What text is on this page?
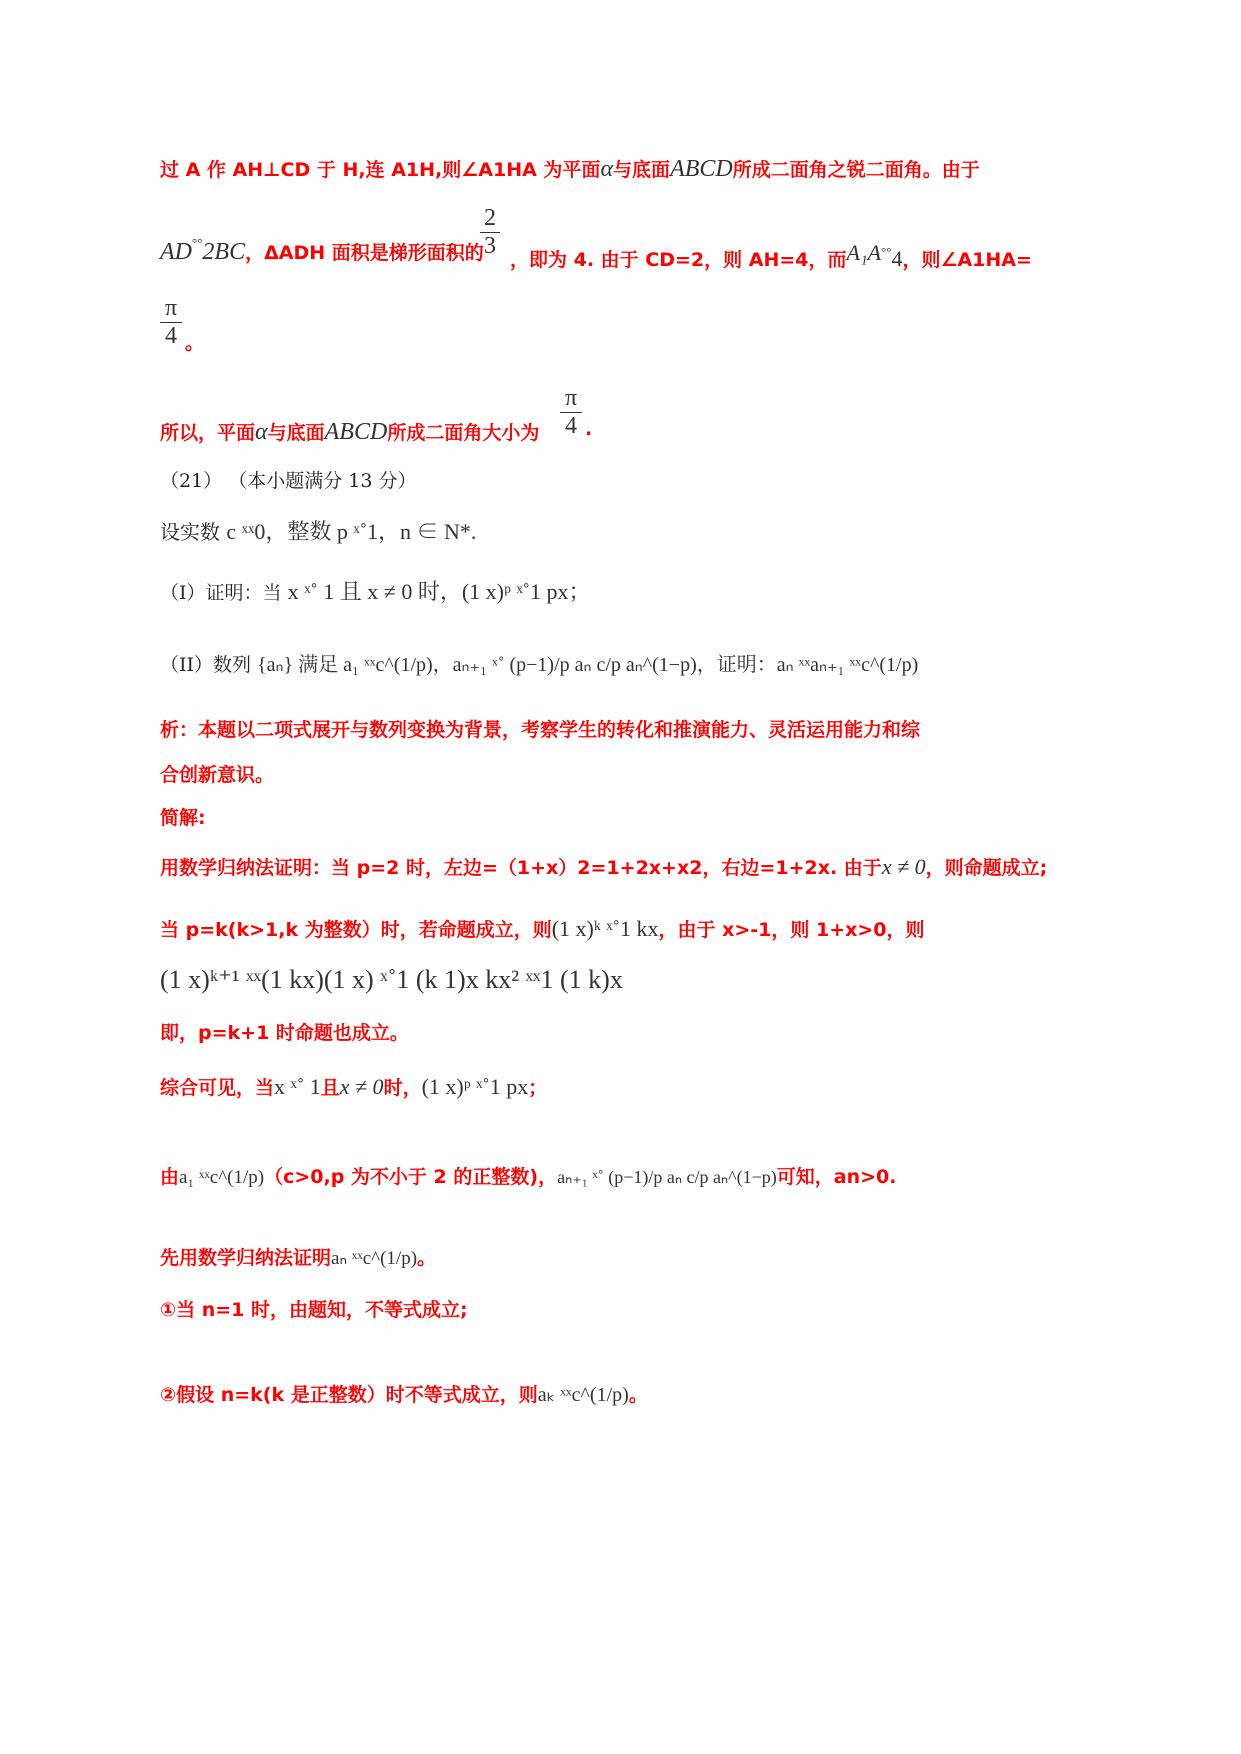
过 A 作 AH⊥CD 于 H,连 A1H,则∠A1HA 为平面α与底面ABCD所成二面角之锐二面角。由于
AD°°2BC，ΔADH 面积是梯形面积的
$\frac{2}{3}$ ，即为 4. 由于 CD=2，则 AH=4，而A₁A°°4，则∠A1HA=
$\frac{\pi}{4}$ 。
所以，平面α与底面ABCD所成二面角大小为 $\frac{\pi}{4}$ .
（21） （本小题满分 13 分）
设实数 c ˣˣ0，整数 p ˣ˚1，n ∈ N*.
（I）证明：当 x ˣ˚ 1 且 x ≠ 0 时，(1 x)ᵖ ˣ˚1 px；
（II）数列 {aₙ} 满足 a₁ ˣˣc^(1/p)，aₙ₊₁ ˣ˚ (p−1)/p aₙ c/p aₙ^(1−p)，证明：aₙ ˣˣaₙ₊₁ ˣˣc^(1/p)
析：本题以二项式展开与数列变换为背景，考察学生的转化和推演能力、灵活运用能力和综
合创新意识。
简解:
用数学归纳法证明：当 p=2 时，左边=（1+x）2=1+2x+x2，右边=1+2x. 由于x ≠ 0，则命题成立;
当 p=k(k>1,k 为整数）时，若命题成立，则(1 x)ᵏ ˣ˚1 kx，由于 x>-1，则 1+x>0，则
(1 x)ᵏ⁺¹ ˣˣ(1 kx)(1 x) ˣ˚1 (k 1)x kx² ˣˣ1 (1 k)x
即，p=k+1 时命题也成立。
综合可见，当x ˣ˚ 1且x ≠ 0时，(1 x)ᵖ ˣ˚1 px；
由a₁ ˣˣc^(1/p)（c>0,p 为不小于 2 的正整数)，aₙ₊₁ ˣ˚ (p−1)/p aₙ c/p aₙ^(1−p)可知，an>0.
先用数学归纳法证明aₙ ˣˣc^(1/p)。
①当 n=1 时，由题知，不等式成立;
②假设 n=k(k 是正整数）时不等式成立，则aₖ ˣˣc^(1/p)。
